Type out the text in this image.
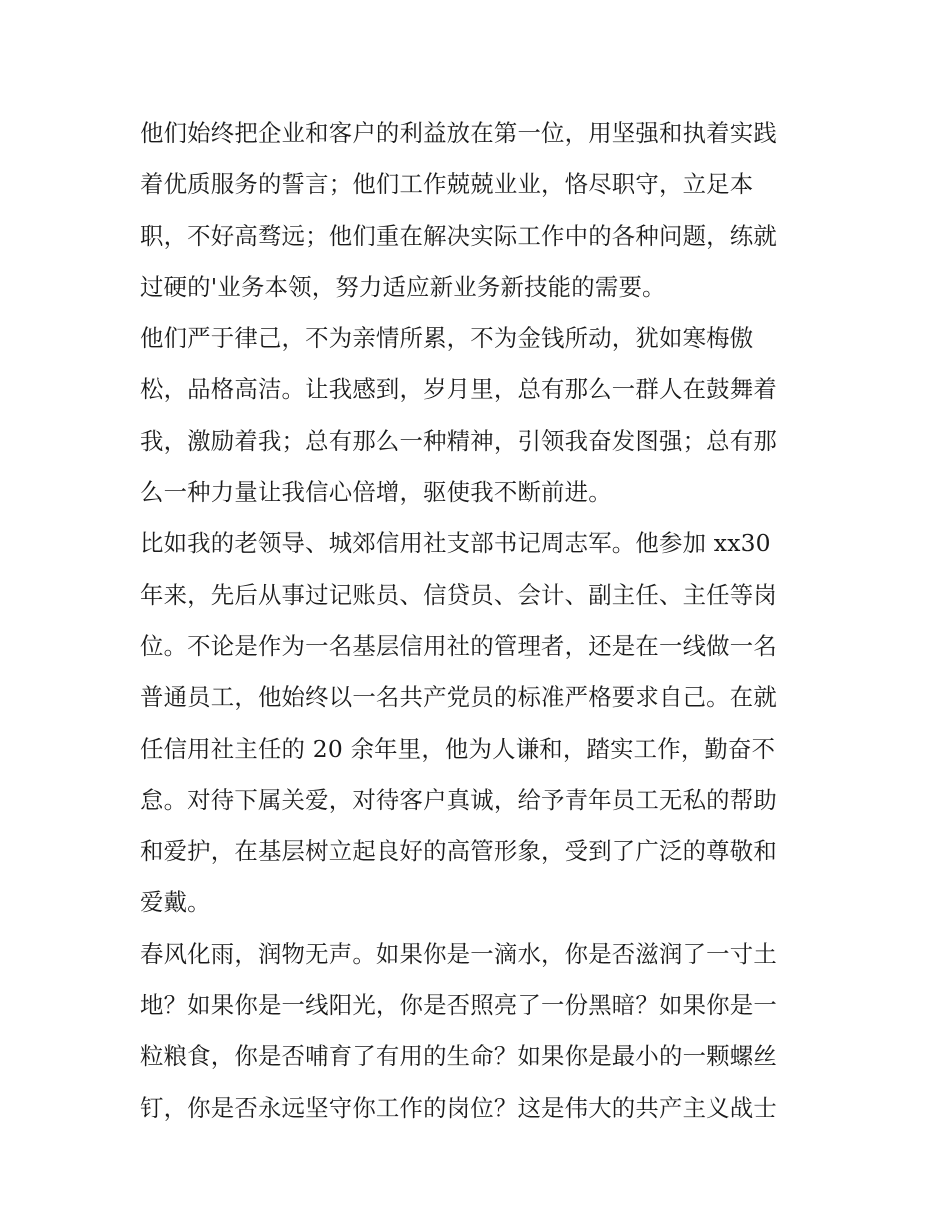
他们始终把企业和客户的利益放在第一位，用坚强和执着实践
着优质服务的誓言；他们工作兢兢业业，恪尽职守，立足本
职，不好高骛远；他们重在解决实际工作中的各种问题，练就
过硬的'业务本领，努力适应新业务新技能的需要。
他们严于律己，不为亲情所累，不为金钱所动，犹如寒梅傲
松，品格高洁。让我感到，岁月里，总有那么一群人在鼓舞着
我，激励着我；总有那么一种精神，引领我奋发图强；总有那
么一种力量让我信心倍增，驱使我不断前进。
比如我的老领导、城郊信用社支部书记周志军。他参加 xx30
年来，先后从事过记账员、信贷员、会计、副主任、主任等岗
位。不论是作为一名基层信用社的管理者，还是在一线做一名
普通员工，他始终以一名共产党员的标准严格要求自己。在就
任信用社主任的 20 余年里，他为人谦和，踏实工作，勤奋不
怠。对待下属关爱，对待客户真诚，给予青年员工无私的帮助
和爱护，在基层树立起良好的高管形象，受到了广泛的尊敬和
爱戴。
春风化雨，润物无声。如果你是一滴水，你是否滋润了一寸土
地？如果你是一线阳光，你是否照亮了一份黑暗？如果你是一
粒粮食，你是否哺育了有用的生命？如果你是最小的一颗螺丝
钉，你是否永远坚守你工作的岗位？这是伟大的共产主义战士
